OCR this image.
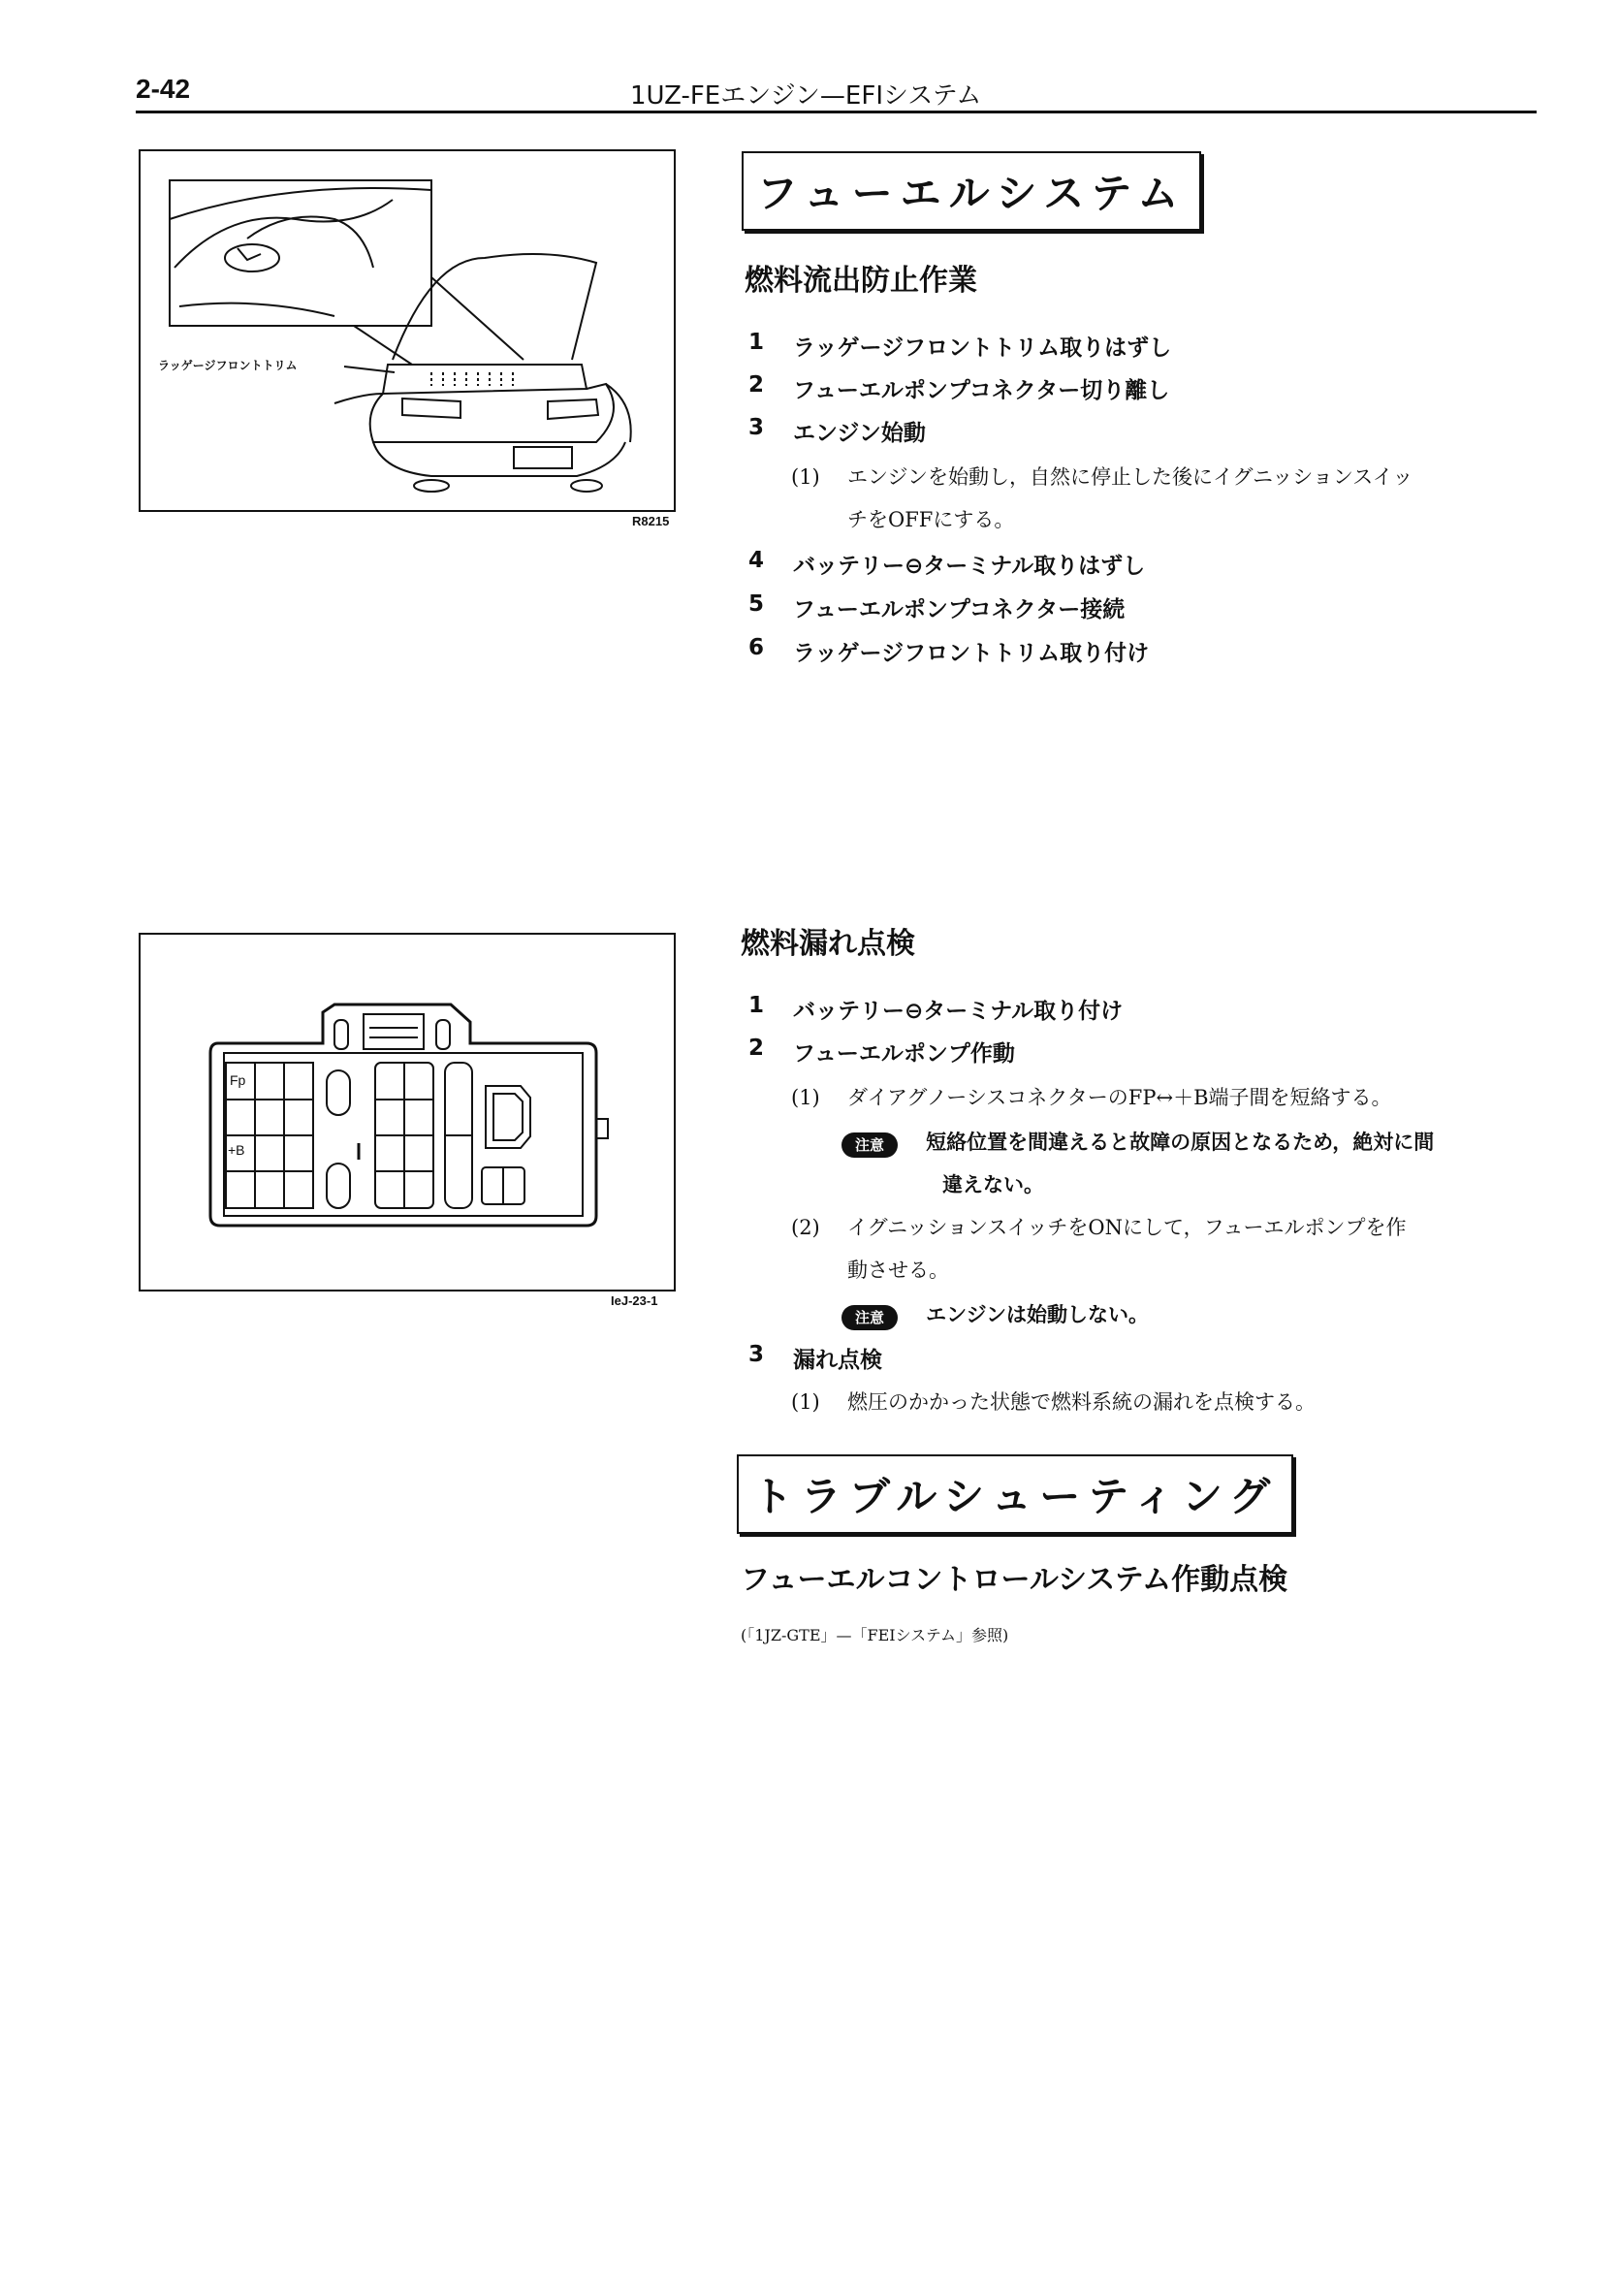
2-42	1UZ-FEエンジン—EFIシステム
ラッゲージフロントトリム
R8215
Fp
+B
IeJ-23-1
フューエルシステム
燃料流出防止作業
1	ラッゲージフロントトリム取りはずし
2	フューエルポンプコネクター切り離し
3	エンジン始動
(1) エンジンを始動し，自然に停止した後にイグニッションスイッ
チをOFFにする。
4	バッテリー⊖ターミナル取りはずし
5	フューエルポンプコネクター接続
6	ラッゲージフロントトリム取り付け
燃料漏れ点検
1	バッテリー⊖ターミナル取り付け
2	フューエルポンプ作動
(1) ダイアグノーシスコネクターのFP↔＋B端子間を短絡する。
注意 短絡位置を間違えると故障の原因となるため，絶対に間
違えない。
(2) イグニッションスイッチをONにして，フューエルポンプを作
動させる。
注意 エンジンは始動しない。
3	漏れ点検
(1) 燃圧のかかった状態で燃料系統の漏れを点検する。
トラブルシューティング
フューエルコントロールシステム作動点検
(「1JZ-GTE」—「FEIシステム」参照)
